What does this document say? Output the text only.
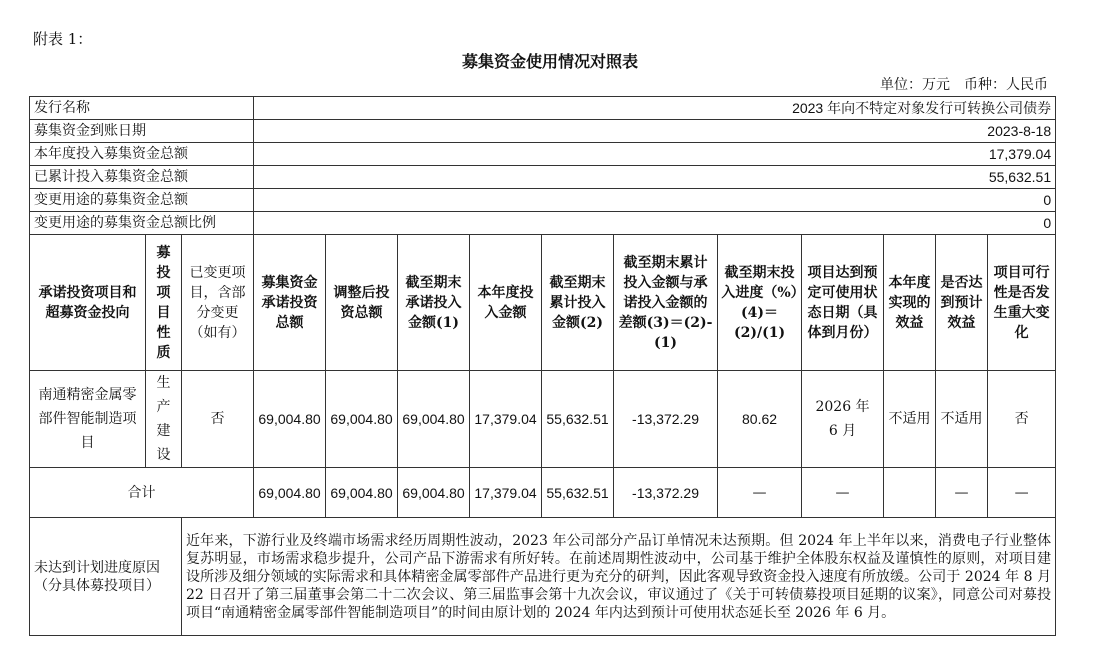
附表 1：
募集资金使用情况对照表
单位：万元　币种：人民币
发行名称			2023 年向不特定对象发行可转换公司债券										
募集资金到账日期			2023-8-18										
本年度投入募集资金总额			17,379.04										
已累计投入募集资金总额			55,632.51										
变更用途的募集资金总额			0										
变更用途的募集资金总额比例			0										
承诺投资项目和超募资金投向	募投项目性质	已变更项目，含部分变更（如有）	募集资金承诺投资总额	调整后投资总额	截至期末承诺投入金额(1)	本年度投入金额	截至期末累计投入金额(2)	截至期末累计投入金额与承诺投入金额的差额(3)＝(2)-(1)	截至期末投入进度（%）(4)＝(2)/(1)	项目达到预定可使用状态日期（具体到月份）	本年度实现的效益	是否达到预计效益	项目可行性是否发生重大变化
南通精密金属零部件智能制造项目	生产建设	否	69,004.80	69,004.80	69,004.80	17,379.04	55,632.51	-13,372.29	80.62	2026 年 6 月	不适用	不适用	否
合计			69,004.80	69,004.80	69,004.80	17,379.04	55,632.51	-13,372.29	—	—		—	—
未达到计划进度原因（分具体募投项目）		近年来，下游行业及终端市场需求经历周期性波动，2023 年公司部分产品订单情况未达预期。但 2024 年上半年以来，消费电子行业整体复苏明显，市场需求稳步提升，公司产品下游需求有所好转。在前述周期性波动中，公司基于维护全体股东权益及谨慎性的原则，对项目建设所涉及细分领域的实际需求和具体精密金属零部件产品进行更为充分的研判，因此客观导致资金投入速度有所放缓。公司于 2024 年 8 月 22 日召开了第三届董事会第二十二次会议、第三届监事会第十九次会议，审议通过了《关于可转债募投项目延期的议案》，同意公司对募投项目“南通精密金属零部件智能制造项目”的时间由原计划的 2024 年内达到预计可使用状态延长至 2026 年 6 月。											
